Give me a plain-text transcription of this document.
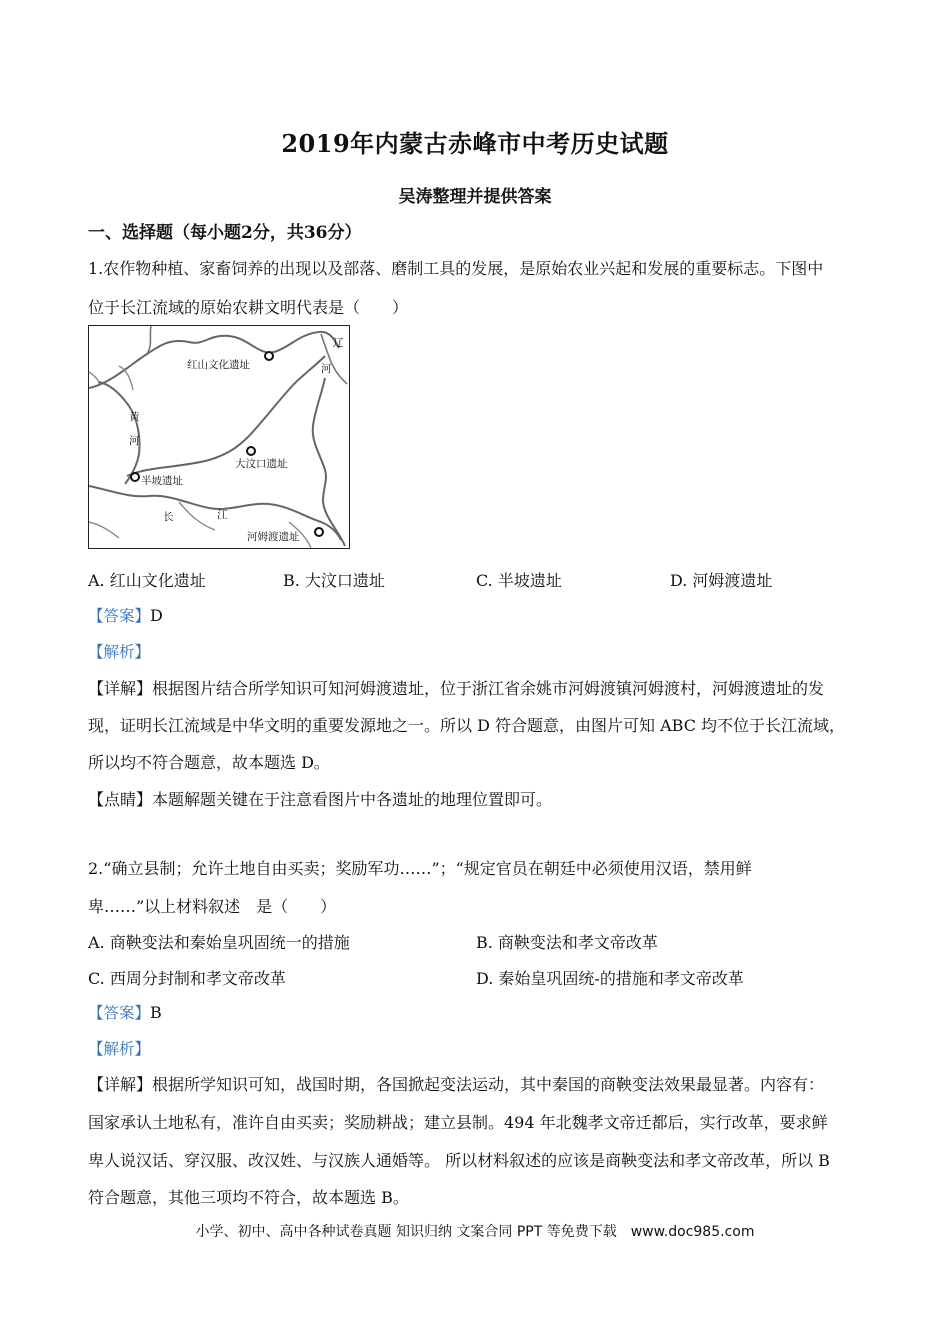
2019年内蒙古赤峰市中考历史试题
吴涛整理并提供答案
一、选择题（每小题2分，共36分）
1.农作物种植、家畜饲养的出现以及部落、磨制工具的发展，是原始农业兴起和发展的重要标志。下图中
位于长江流域的原始农耕文明代表是（　　）
红山文化遗址
辽
河
黄
河
大汶口遗址
半坡遗址
长	江
河姆渡遗址
A. 红山文化遗址	B. 大汶口遗址	C. 半坡遗址	D. 河姆渡遗址
【答案】D
【解析】
【详解】根据图片结合所学知识可知河姆渡遗址，位于浙江省余姚市河姆渡镇河姆渡村，河姆渡遗址的发
现，证明长江流域是中华文明的重要发源地之一。所以 D 符合题意，由图片可知 ABC 均不位于长江流域，
所以均不符合题意，故本题选 D。
【点睛】本题解题关键在于注意看图片中各遗址的地理位置即可。
2.“确立县制；允许土地自由买卖；奖励军功……”；“规定官员在朝廷中必须使用汉语，禁用鲜
卑……”以上材料叙述　是（　　）
A. 商鞅变法和秦始皇巩固统一的措施	B. 商鞅变法和孝文帝改革
C. 西周分封制和孝文帝改革	D. 秦始皇巩固统-的措施和孝文帝改革
【答案】B
【解析】
【详解】根据所学知识可知，战国时期，各国掀起变法运动，其中秦国的商鞅变法效果最显著。内容有：
国家承认土地私有，准许自由买卖；奖励耕战；建立县制。494 年北魏孝文帝迁都后，实行改革，要求鲜
卑人说汉话、穿汉服、改汉姓、与汉族人通婚等。 所以材料叙述的应该是商鞅变法和孝文帝改革，所以 B
符合题意，其他三项均不符合，故本题选 B。
小学、初中、高中各种试卷真题 知识归纳 文案合同 PPT 等免费下载　www.doc985.com
